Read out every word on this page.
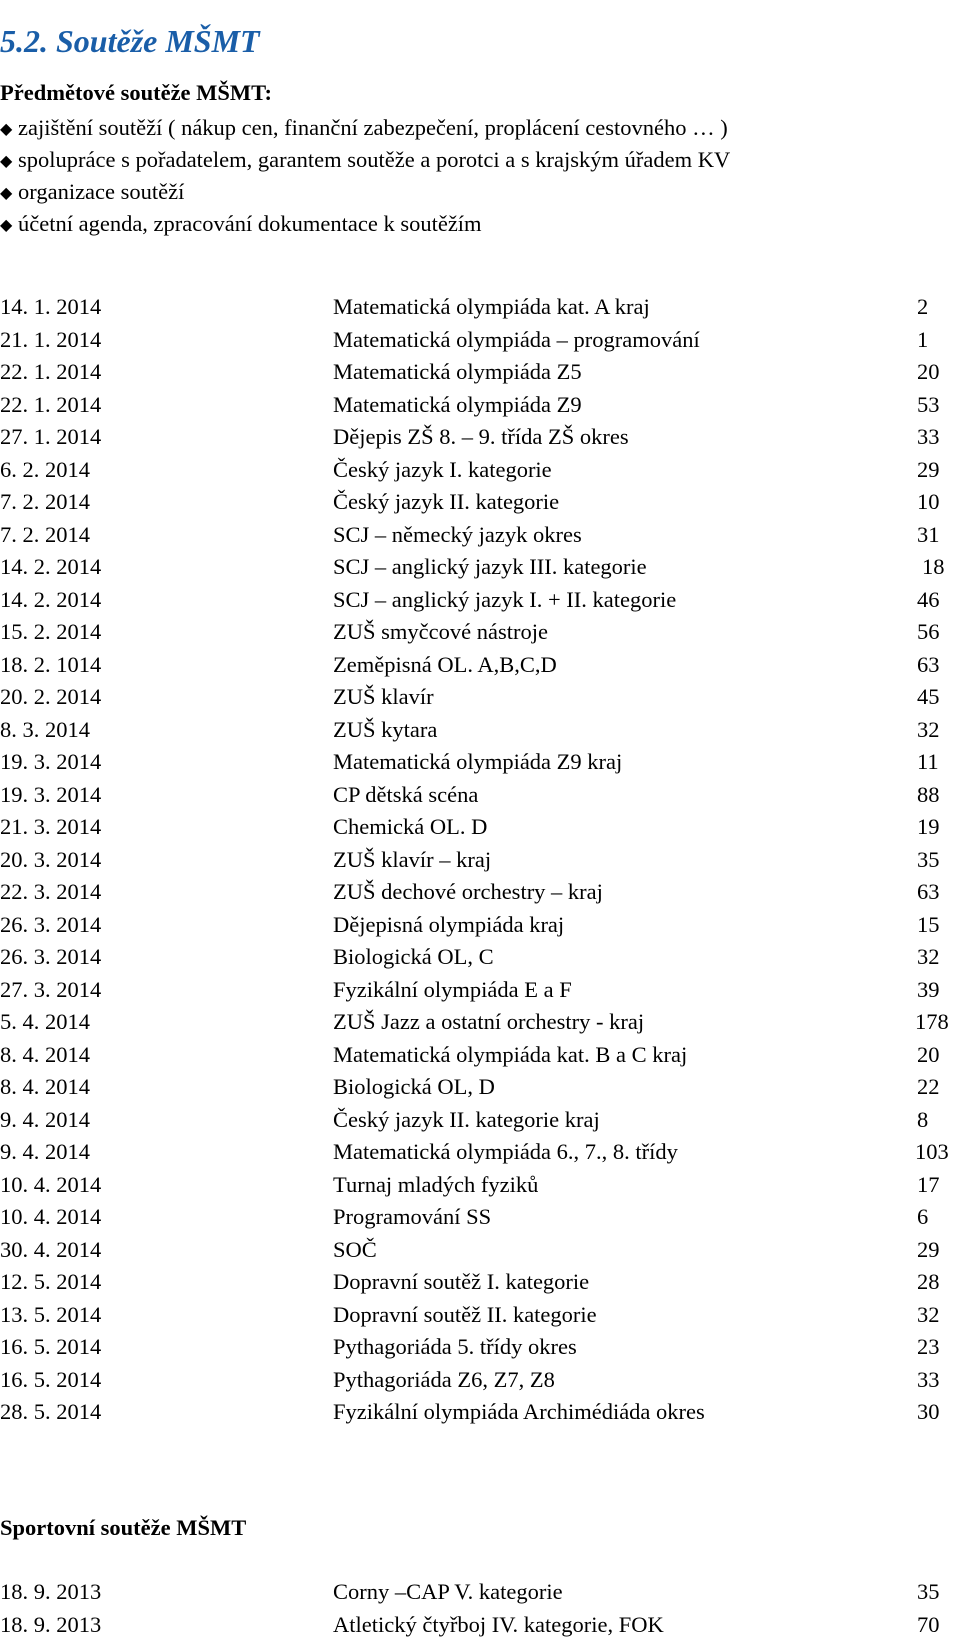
5.2. Soutěže MŠMT
Předmětové soutěže MŠMT:
◆ zajištění soutěží ( nákup cen, finanční zabezpečení, proplácení cestovného … )
◆ spolupráce s pořadatelem, garantem soutěže a porotci a s krajským úřadem KV
◆ organizace soutěží
◆ účetní agenda, zpracování dokumentace k soutěžím
14. 1. 2014	Matematická olympiáda kat. A kraj	2
21. 1. 2014	Matematická olympiáda – programování	1
22. 1. 2014	Matematická olympiáda Z5	20
22. 1. 2014	Matematická olympiáda Z9	53
27. 1. 2014	Dějepis ZŠ 8. – 9. třída ZŠ okres	33
6. 2. 2014	Český jazyk I. kategorie	29
7. 2. 2014	Český jazyk II. kategorie	10
7. 2. 2014	SCJ – německý jazyk okres	31
14. 2. 2014	SCJ – anglický jazyk III. kategorie	18
14. 2. 2014	SCJ – anglický jazyk I. + II. kategorie	46
15. 2. 2014	ZUŠ smyčcové nástroje	56
18. 2. 1014	Zeměpisná OL. A,B,C,D	63
20. 2. 2014	ZUŠ klavír	45
8. 3. 2014	ZUŠ kytara	32
19. 3. 2014	Matematická olympiáda Z9 kraj	11
19. 3. 2014	CP dětská scéna	88
21. 3. 2014	Chemická OL. D	19
20. 3. 2014	ZUŠ klavír – kraj	35
22. 3. 2014	ZUŠ dechové orchestry – kraj	63
26. 3. 2014	Dějepisná olympiáda kraj	15
26. 3. 2014	Biologická OL, C	32
27. 3. 2014	Fyzikální olympiáda E a F	39
5. 4. 2014	ZUŠ Jazz a ostatní orchestry - kraj	178
8. 4. 2014	Matematická olympiáda kat. B a C kraj	20
8. 4. 2014	Biologická OL, D	22
9. 4. 2014	Český jazyk II. kategorie kraj	8
9. 4. 2014	Matematická olympiáda 6., 7., 8. třídy	103
10. 4. 2014	Turnaj mladých fyziků	17
10. 4. 2014	Programování SS	6
30. 4. 2014	SOČ	29
12. 5. 2014	Dopravní soutěž I. kategorie	28
13. 5. 2014	Dopravní soutěž II. kategorie	32
16. 5. 2014	Pythagoriáda 5. třídy okres	23
16. 5. 2014	Pythagoriáda Z6, Z7, Z8	33
28. 5. 2014	Fyzikální olympiáda Archimédiáda okres	30
Sportovní soutěže MŠMT
18. 9. 2013	Corny –CAP V. kategorie	35
18. 9. 2013	Atletický čtyřboj IV. kategorie, FOK	70
